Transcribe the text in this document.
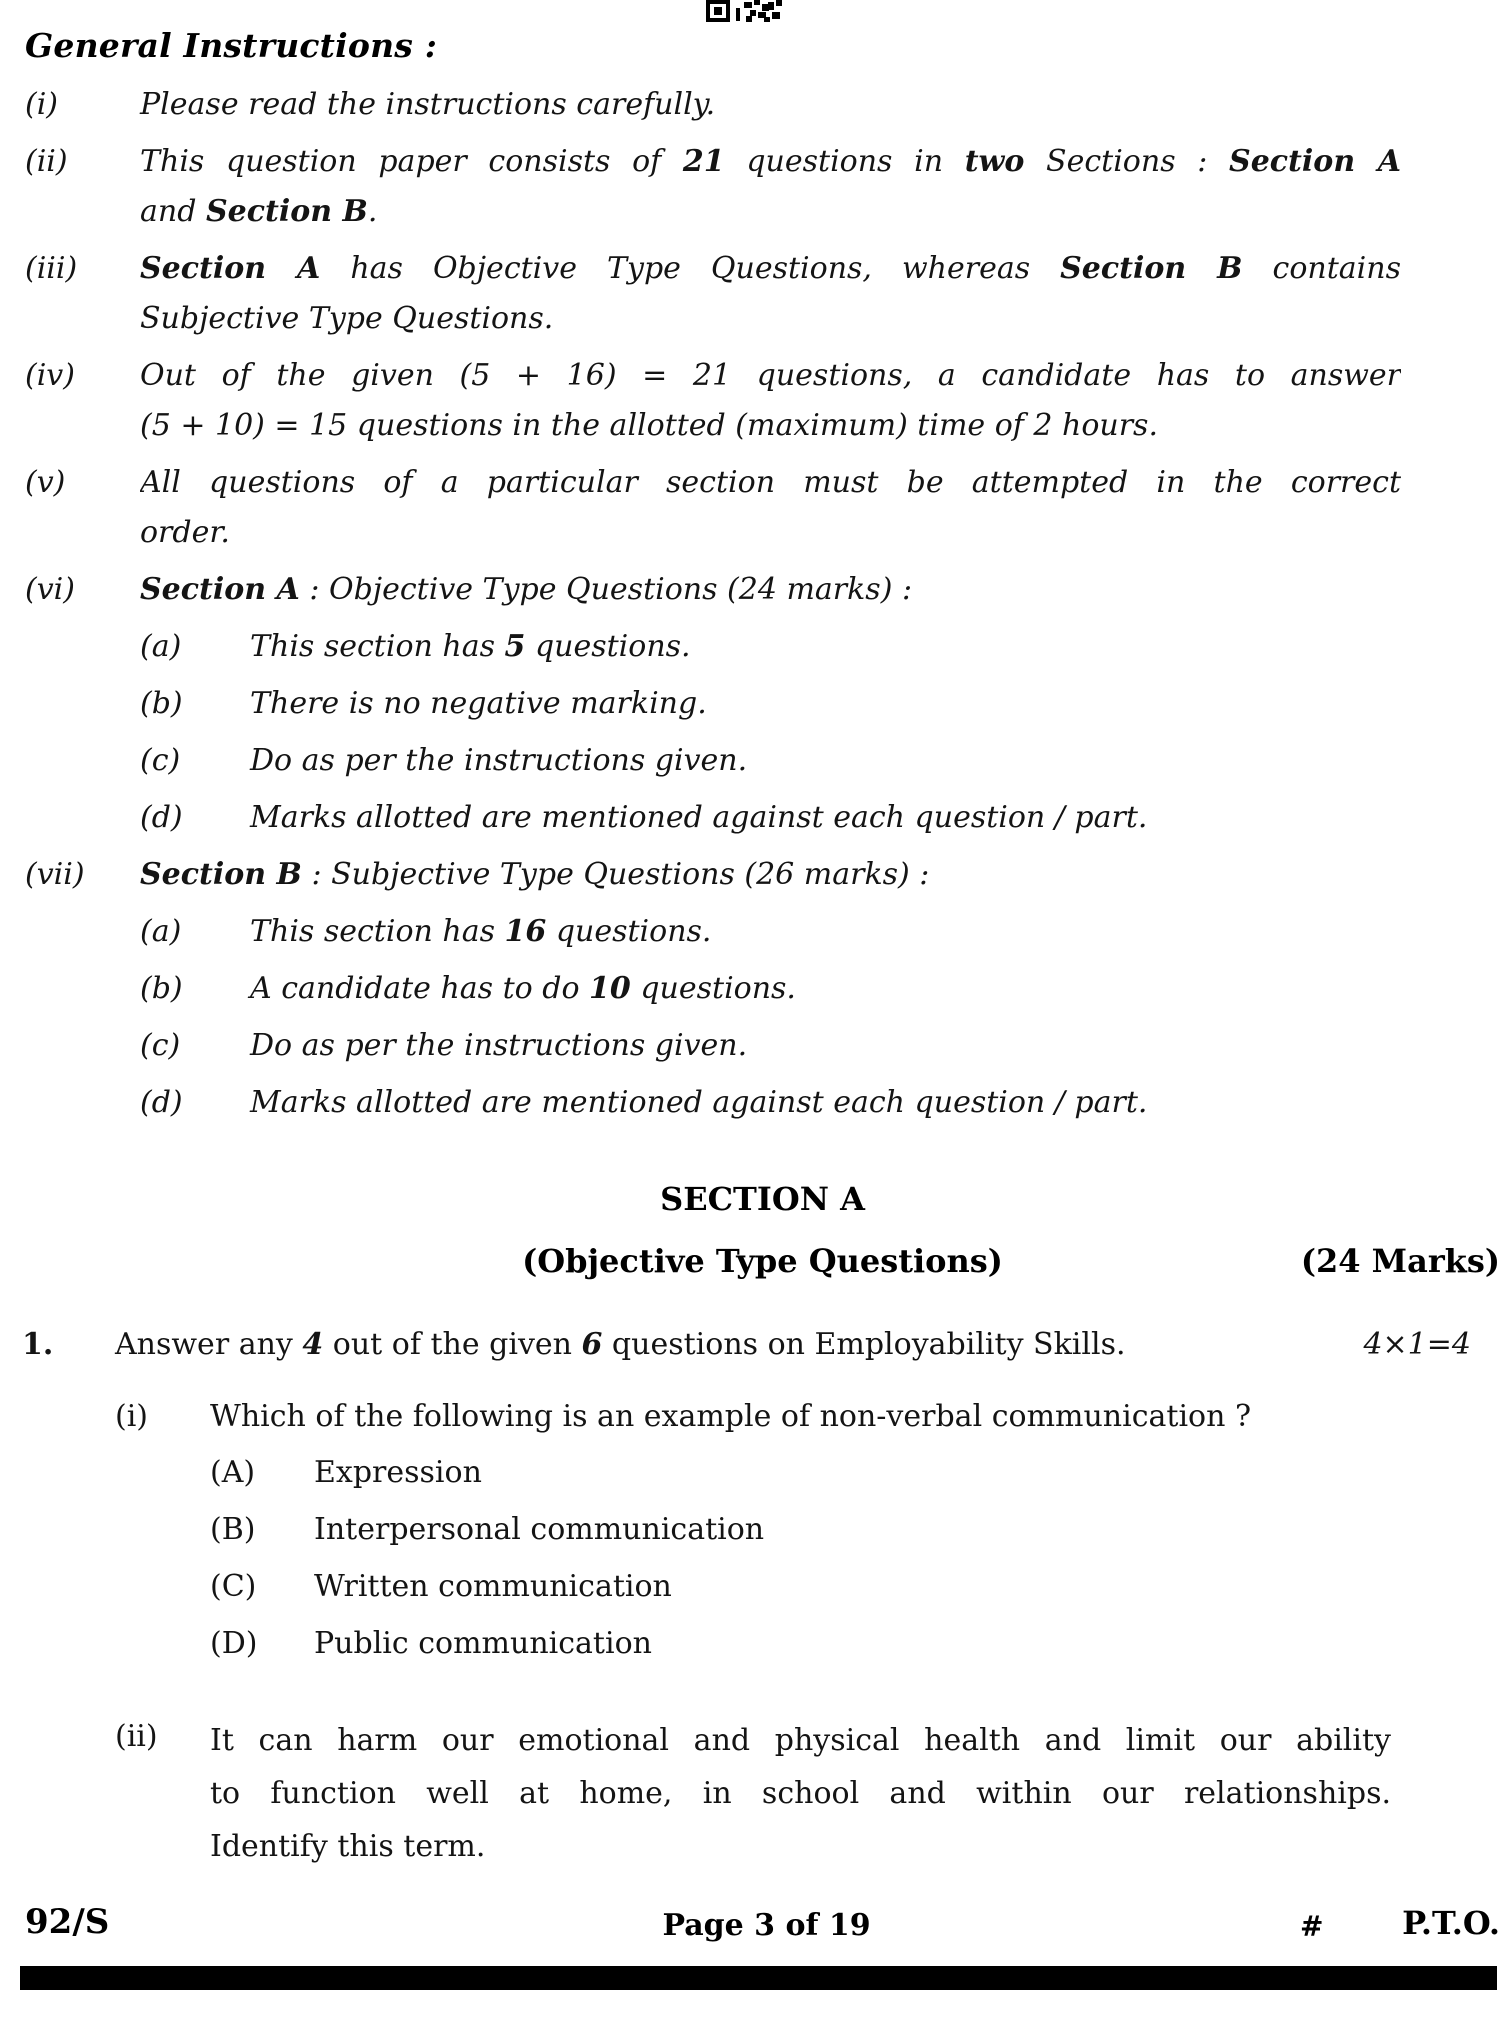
General Instructions :
(i)	Please read the instructions carefully.
(ii)	This question paper consists of 21 questions in two Sections : Section A
and Section B.
(iii)	Section A has Objective Type Questions, whereas Section B contains
Subjective Type Questions.
(iv)	Out of the given (5 + 16) = 21 questions, a candidate has to answer
(5 + 10) = 15 questions in the allotted (maximum) time of 2 hours.
(v)	All questions of a particular section must be attempted in the correct
order.
(vi)	Section A : Objective Type Questions (24 marks) :
(a)	This section has 5 questions.
(b)	There is no negative marking.
(c)	Do as per the instructions given.
(d)	Marks allotted are mentioned against each question / part.
(vii)	Section B : Subjective Type Questions (26 marks) :
(a)	This section has 16 questions.
(b)	A candidate has to do 10 questions.
(c)	Do as per the instructions given.
(d)	Marks allotted are mentioned against each question / part.
SECTION A
(Objective Type Questions)	(24 Marks)
1.	Answer any 4 out of the given 6 questions on Employability Skills.	4×1=4
(i)	Which of the following is an example of non-verbal communication ?
(A)	Expression
(B)	Interpersonal communication
(C)	Written communication
(D)	Public communication
(ii)	It can harm our emotional and physical health and limit our ability
to function well at home, in school and within our relationships.
Identify this term.
92/S	Page 3 of 19	# P.T.O.
